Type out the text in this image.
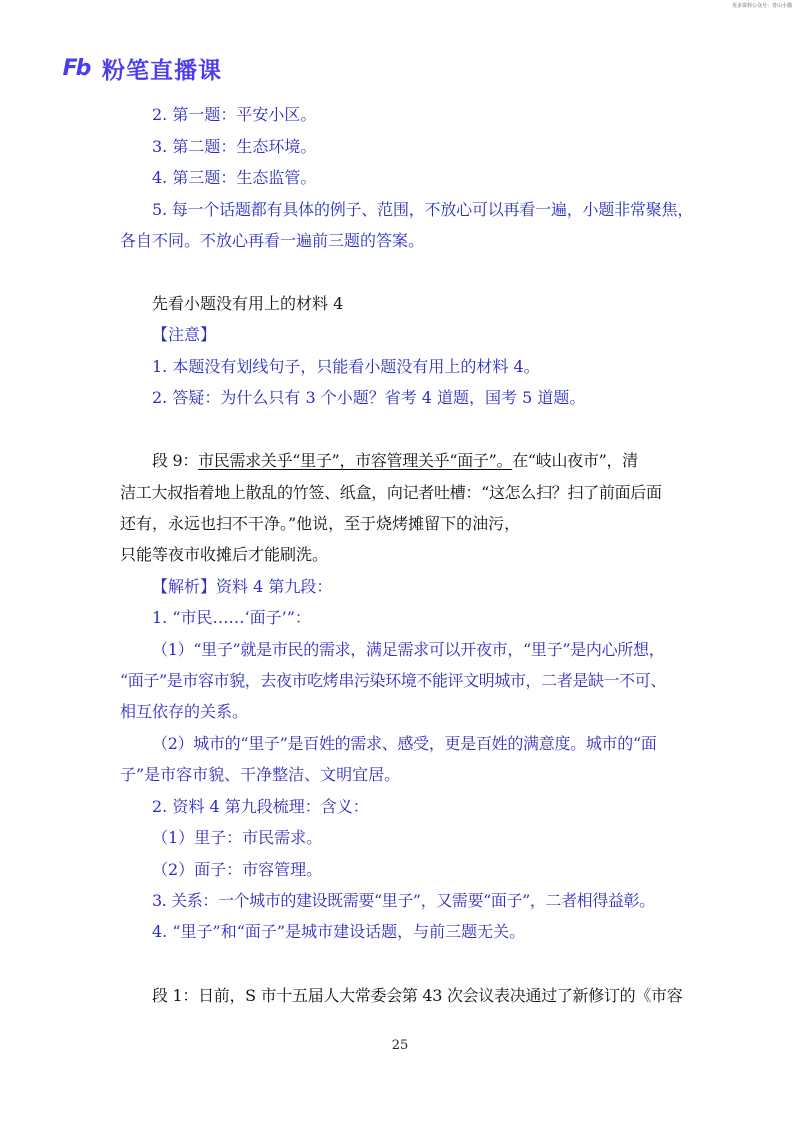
更多资料公众号：青山小猫
Fb 粉笔直播课
2. 第一题：平安小区。
3. 第二题：生态环境。
4. 第三题：生态监管。
5. 每一个话题都有具体的例子、范围，不放心可以再看一遍，小题非常聚焦，
各自不同。不放心再看一遍前三题的答案。
先看小题没有用上的材料 4
【注意】
1. 本题没有划线句子，只能看小题没有用上的材料 4。
2. 答疑：为什么只有 3 个小题？省考 4 道题，国考 5 道题。
段 9：市民需求关乎“里子”，市容管理关乎“面子”。在“岐山夜市”，清
洁工大叔指着地上散乱的竹签、纸盒，向记者吐槽：“这怎么扫？扫了前面后面
还有，永远也扫不干净。”他说，至于烧烤摊留下的油污，
只能等夜市收摊后才能刷洗。
【解析】资料 4 第九段：
1. “市民……‘面子’”：
（1）“里子”就是市民的需求，满足需求可以开夜市，“里子”是内心所想，
“面子”是市容市貌，去夜市吃烤串污染环境不能评文明城市，二者是缺一不可、
相互依存的关系。
（2）城市的“里子”是百姓的需求、感受，更是百姓的满意度。城市的“面
子”是市容市貌、干净整洁、文明宜居。
2. 资料 4 第九段梳理：含义：
（1）里子：市民需求。
（2）面子：市容管理。
3. 关系：一个城市的建设既需要“里子”，又需要“面子”，二者相得益彰。
4. “里子”和“面子”是城市建设话题，与前三题无关。
段 1：日前，S 市十五届人大常委会第 43 次会议表决通过了新修订的《市容
25
